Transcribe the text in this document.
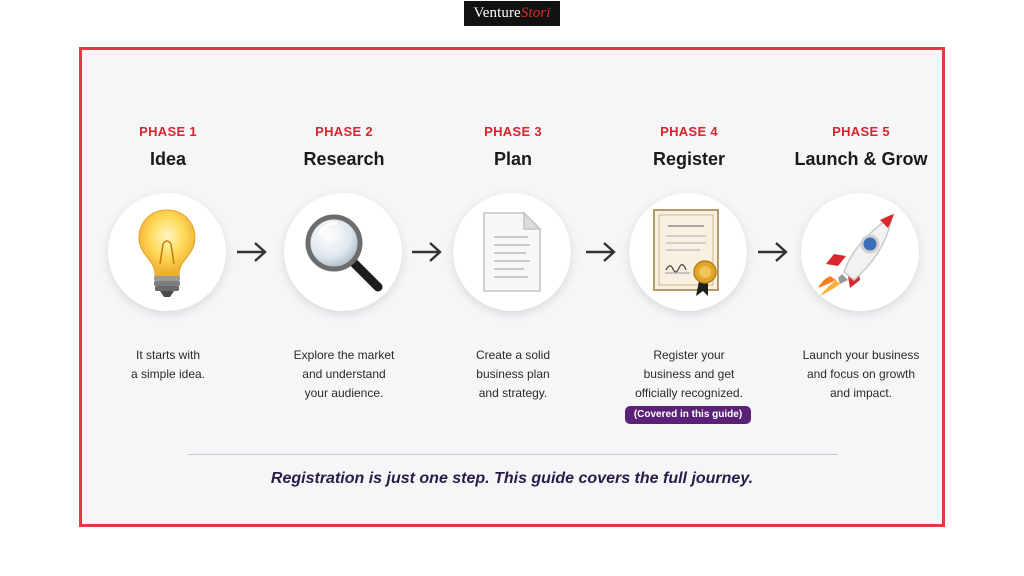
Venture Stori
PHASE 1
Idea
It starts with
a simple idea.
PHASE 2
Research
Explore the market
and understand
your audience.
PHASE 3
Plan
Create a solid
business plan
and strategy.
PHASE 4
Register
Register your
business and get
officially recognized.
(Covered in this guide)
PHASE 5
Launch & Grow
Launch your business
and focus on growth
and impact.
Registration is just one step. This guide covers the full journey.
